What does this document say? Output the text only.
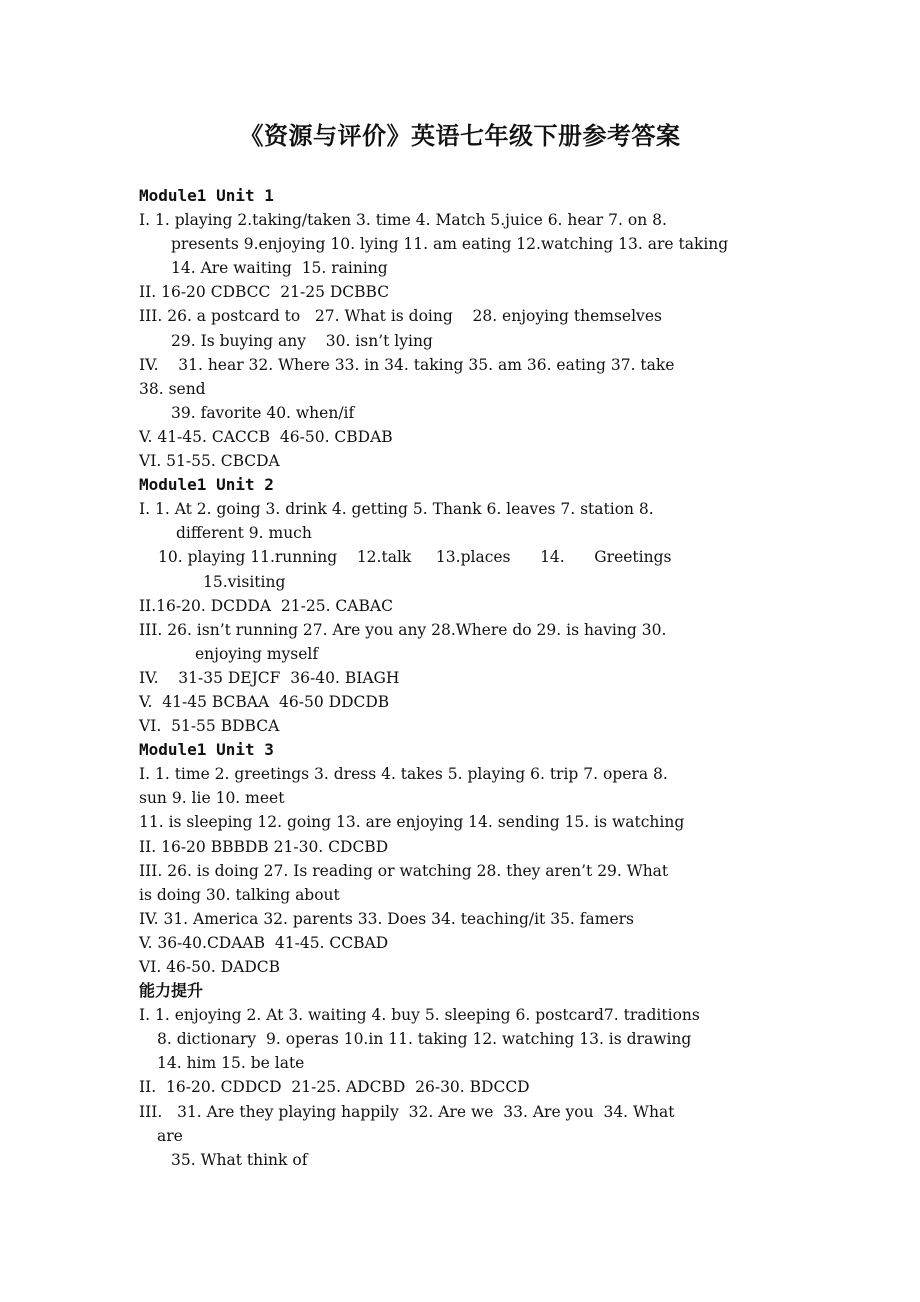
《资源与评价》英语七年级下册参考答案
Module1 Unit 1
I. 1. playing 2.taking/taken 3. time 4. Match 5.juice 6. hear 7. on 8.
presents 9.enjoying 10. lying 11. am eating 12.watching 13. are taking
14. Are waiting  15. raining
II. 16-20 CDBCC  21-25 DCBBC
III. 26. a postcard to   27. What is doing    28. enjoying themselves
29. Is buying any    30. isn’t lying
IV.    31. hear 32. Where 33. in 34. taking 35. am 36. eating 37. take
38. send
39. favorite 40. when/if
V. 41-45. CACCB  46-50. CBDAB
VI. 51-55. CBCDA
Module1 Unit 2
I. 1. At 2. going 3. drink 4. getting 5. Thank 6. leaves 7. station 8.
different 9. much
10. playing 11.running    12.talk     13.places      14.      Greetings
15.visiting
II.16-20. DCDDA  21-25. CABAC
III. 26. isn’t running 27. Are you any 28.Where do 29. is having 30.
enjoying myself
IV.    31-35 DEJCF  36-40. BIAGH
V.  41-45 BCBAA  46-50 DDCDB
VI.  51-55 BDBCA
Module1 Unit 3
I. 1. time 2. greetings 3. dress 4. takes 5. playing 6. trip 7. opera 8.
sun 9. lie 10. meet
11. is sleeping 12. going 13. are enjoying 14. sending 15. is watching
II. 16-20 BBBDB 21-30. CDCBD
III. 26. is doing 27. Is reading or watching 28. they aren’t 29. What
is doing 30. talking about
IV. 31. America 32. parents 33. Does 34. teaching/it 35. famers
V. 36-40.CDAAB  41-45. CCBAD
VI. 46-50. DADCB
能力提升
I. 1. enjoying 2. At 3. waiting 4. buy 5. sleeping 6. postcard7. traditions
8. dictionary  9. operas 10.in 11. taking 12. watching 13. is drawing
14. him 15. be late
II.  16-20. CDDCD  21-25. ADCBD  26-30. BDCCD
III.   31. Are they playing happily  32. Are we  33. Are you  34. What
are
35. What think of
